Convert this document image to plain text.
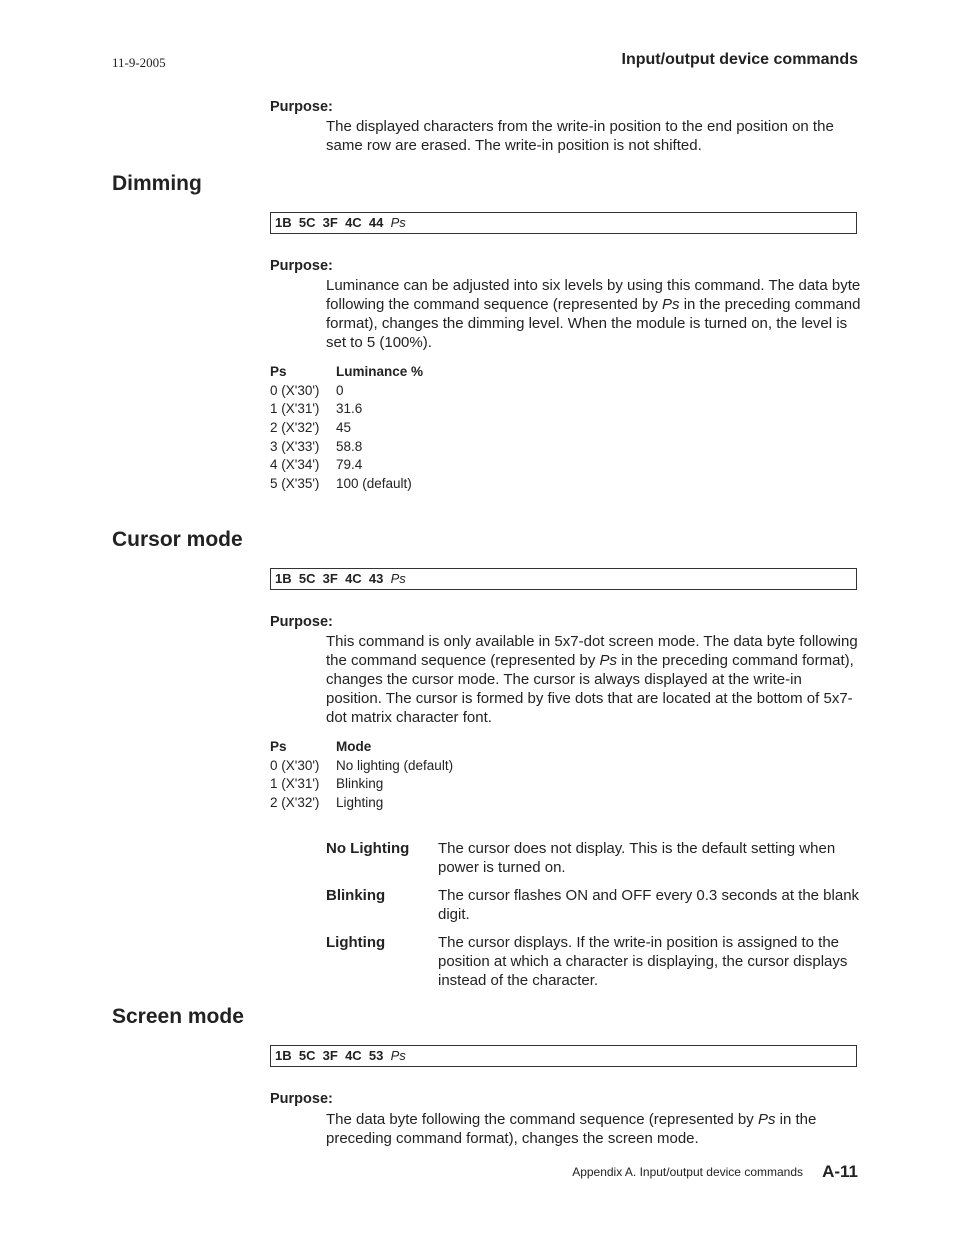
11-9-2005	Input/output device commands
Purpose:
The displayed characters from the write-in position to the end position on the same row are erased. The write-in position is not shifted.
Dimming
1B  5C  3F  4C  44 Ps
Purpose:
Luminance can be adjusted into six levels by using this command. The data byte following the command sequence (represented by Ps in the preceding command format), changes the dimming level. When the module is turned on, the level is set to 5 (100%).
Ps	Luminance %
0 (X'30')	0
1 (X'31')	31.6
2 (X'32')	45
3 (X'33')	58.8
4 (X'34')	79.4
5 (X'35')	100 (default)
Cursor mode
1B  5C  3F  4C  43 Ps
Purpose:
This command is only available in 5x7-dot screen mode. The data byte following the command sequence (represented by Ps in the preceding command format), changes the cursor mode. The cursor is always displayed at the write-in position. The cursor is formed by five dots that are located at the bottom of 5x7-dot matrix character font.
Ps	Mode
0 (X'30')	No lighting (default)
1 (X'31')	Blinking
2 (X'32')	Lighting
No Lighting	The cursor does not display. This is the default setting when power is turned on.
Blinking	The cursor flashes ON and OFF every 0.3 seconds at the blank digit.
Lighting	The cursor displays. If the write-in position is assigned to the position at which a character is displaying, the cursor displays instead of the character.
Screen mode
1B  5C  3F  4C  53 Ps
Purpose:
The data byte following the command sequence (represented by Ps in the preceding command format), changes the screen mode.
Appendix A. Input/output device commands A-11
